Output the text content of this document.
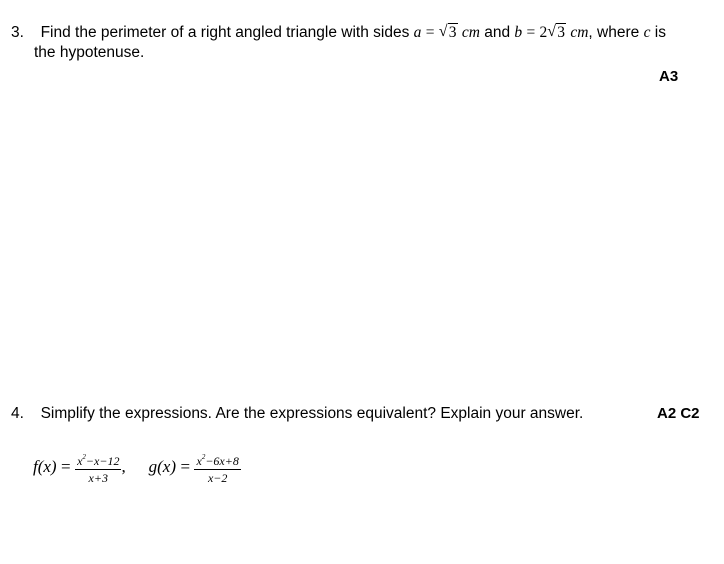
3. Find the perimeter of a right angled triangle with sides a = √ 3 cm and b = 2 √ 3 cm, where c is
the hypotenuse.
A3
4. Simplify the expressions. Are the expressions equivalent? Explain your answer.	A2 C2
$f(x) = \frac{x^2-x-12}{x+3}$ , $g(x) = \frac{x^2-6x+8}{x-2}$
